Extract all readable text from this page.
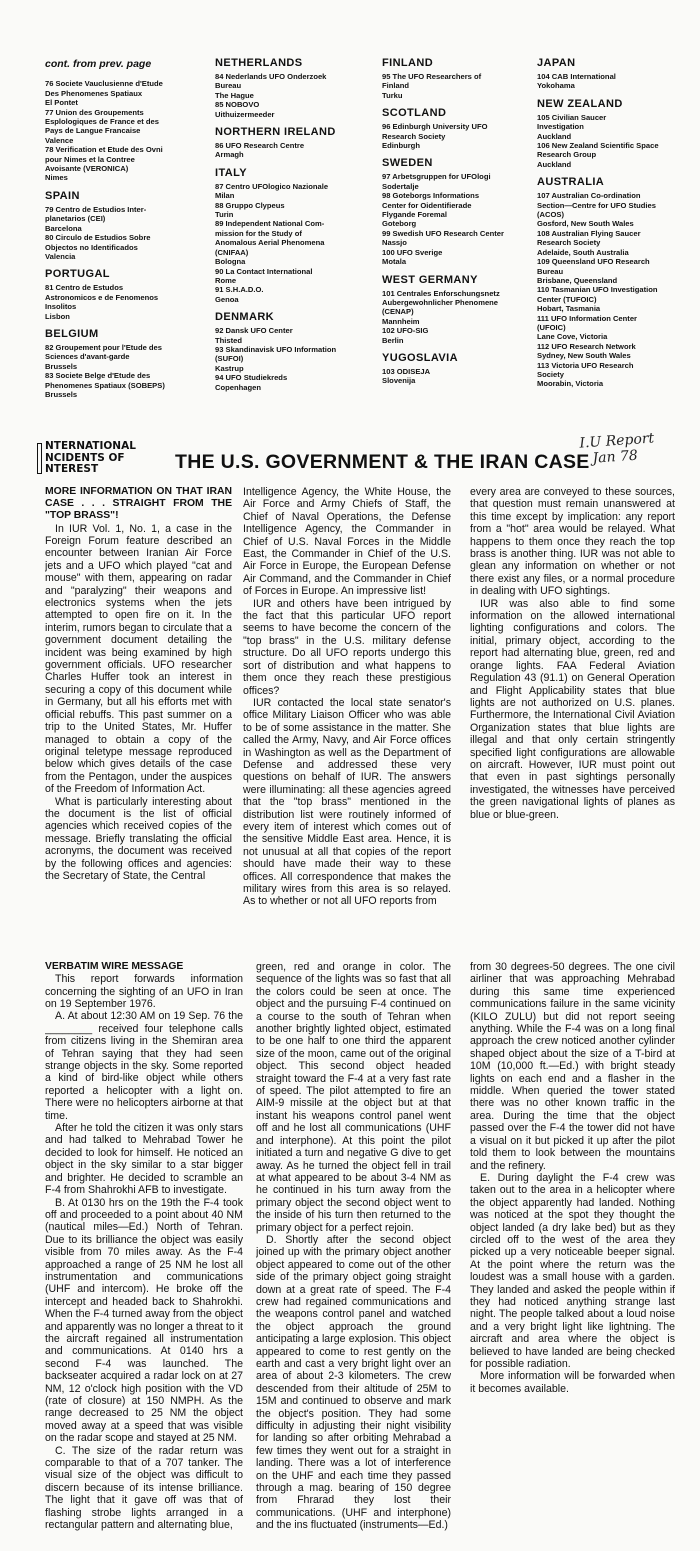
cont. from prev. page
76 Societe Vauclusienne d'Etude
Des Phenomenes Spatiaux
El Pontet
77 Union des Groupements
Esplologiques de France et des
Pays de Langue Francaise
Valence
78 Verification et Etude des Ovni
pour Nimes et la Contree
Avoisante (VERONICA)
Nimes
SPAIN
79 Centro de Estudios Inter-
planetarios (CEI)
Barcelona
80 Circulo de Estudios Sobre
Objectos no Identificados
Valencia
PORTUGAL
81 Centro de Estudos
Astronomicos e de Fenomenos
Insolitos
Lisbon
BELGIUM
82 Groupement pour l'Etude des
Sciences d'avant-garde
Brussels
83 Societe Belge d'Etude des
Phenomenes Spatiaux (SOBEPS)
Brussels
NETHERLANDS
84 Nederlands UFO Onderzoek
Bureau
The Hague
85 NOBOVO
Uithuizermeeder
NORTHERN IRELAND
86 UFO Research Centre
Armagh
ITALY
87 Centro UFOlogico Nazionale
Milan
88 Gruppo Clypeus
Turin
89 Independent National Com-
mission for the Study of
Anomalous Aerial Phenomena
(CNIFAA)
Bologna
90 La Contact International
Rome
91 S.H.A.D.O.
Genoa
DENMARK
92 Dansk UFO Center
Thisted
93 Skandinavisk UFO Information
(SUFOI)
Kastrup
94 UFO Studiekreds
Copenhagen
FINLAND
95 The UFO Researchers of
Finland
Turku
SCOTLAND
96 Edinburgh University UFO
Research Society
Edinburgh
SWEDEN
97 Arbetsgruppen for UFOlogi
Sodertalje
98 Goteborgs Informations
Center for Oidentifierade
Flygande Foremal
Goteborg
99 Swedish UFO Research Center
Nassjo
100 UFO Sverige
Motala
WEST GERMANY
101 Centrales Enforschungsnetz
Aubergewohnlicher Phenomene
(CENAP)
Mannheim
102 UFO-SIG
Berlin
YUGOSLAVIA
103 ODISEJA
Slovenija
JAPAN
104 CAB International
Yokohama
NEW ZEALAND
105 Civilian Saucer
Investigation
Auckland
106 New Zealand Scientific Space
Research Group
Auckland
AUSTRALIA
107 Australian Co-ordination
Section—Centre for UFO Studies
(ACOS)
Gosford, New South Wales
108 Australian Flying Saucer
Research Society
Adelaide, South Australia
109 Queensland UFO Research
Bureau
Brisbane, Queensland
110 Tasmanian UFO Investigation
Center (TUFOIC)
Hobart, Tasmania
111 UFO Information Center
(UFOIC)
Lane Cove, Victoria
112 UFO Research Network
Sydney, New South Wales
113 Victoria UFO Research
Society
Moorabin, Victoria
NTERNATIONAL
NCIDENTS OF
NTEREST	THE U.S. GOVERNMENT & THE IRAN CASE
I.U Report
Jan 78

MORE INFORMATION ON THAT IRAN CASE . . . STRAIGHT FROM THE "TOP BRASS"!

In IUR Vol. 1, No. 1, a case in the Foreign Forum feature described an encounter between Iranian Air Force jets and a UFO which played "cat and mouse" with them, appearing on radar and "paralyzing" their weapons and electronics systems when the jets attempted to open fire on it. In the interim, rumors began to circulate that a government document detailing the incident was being examined by high government officials. UFO researcher Charles Huffer took an interest in securing a copy of this document while in Germany, but all his efforts met with official rebuffs. This past summer on a trip to the United States, Mr. Huffer managed to obtain a copy of the original teletype message reproduced below which gives details of the case from the Pentagon, under the auspices of the Freedom of Information Act.

What is particularly interesting about the document is the list of official agencies which received copies of the message. Briefly translating the official acronyms, the document was received by the following offices and agencies: the Secretary of State, the Central

Intelligence Agency, the White House, the Air Force and Army Chiefs of Staff, the Chief of Naval Operations, the Defense Intelligence Agency, the Commander in Chief of U.S. Naval Forces in the Middle East, the Commander in Chief of the U.S. Air Force in Europe, the European Defense Air Command, and the Commander in Chief of Forces in Europe. An impressive list!

IUR and others have been intrigued by the fact that this particular UFO report seems to have become the concern of the "top brass" in the U.S. military defense structure. Do all UFO reports undergo this sort of distribution and what happens to them once they reach these prestigious offices?

IUR contacted the local state senator's office Military Liaison Officer who was able to be of some assistance in the matter. She called the Army, Navy, and Air Force offices in Washington as well as the Department of Defense and addressed these very questions on behalf of IUR. The answers were illuminating: all these agencies agreed that the "top brass" mentioned in the distribution list were routinely informed of every item of interest which comes out of the sensitive Middle East area. Hence, it is not unusual at all that copies of the report should have made their way to these offices. All correspondence that makes the military wires from this area is so relayed. As to whether or not all UFO reports from

every area are conveyed to these sources, that question must remain unanswered at this time except by implication: any report from a "hot" area would be relayed. What happens to them once they reach the top brass is another thing. IUR was not able to glean any information on whether or not there exist any files, or a normal procedure in dealing with UFO sightings.

IUR was also able to find some information on the allowed international lighting configurations and colors. The initial, primary object, according to the report had alternating blue, green, red and orange lights. FAA Federal Aviation Regulation 43 (91.1) on General Operation and Flight Applicability states that blue lights are not authorized on U.S. planes. Furthermore, the International Civil Aviation Organization states that blue lights are illegal and that only certain stringently specified light configurations are allowable on aircraft. However, IUR must point out that even in past sightings personally investigated, the witnesses have perceived the green navigational lights of planes as blue or blue-green.

VERBATIM WIRE MESSAGE

This report forwards information concerning the sighting of an UFO in Iran on 19 September 1976.

A. At about 12:30 AM on 19 Sep. 76 the ________ received four telephone calls from citizens living in the Shemiran area of Tehran saying that they had seen strange objects in the sky. Some reported a kind of bird-like object while others reported a helicopter with a light on. There were no helicopters airborne at that time.

After he told the citizen it was only stars and had talked to Mehrabad Tower he decided to look for himself. He noticed an object in the sky similar to a star bigger and brighter. He decided to scramble an F-4 from Shahrokhi AFB to investigate.

B. At 0130 hrs on the 19th the F-4 took off and proceeded to a point about 40 NM (nautical miles—Ed.) North of Tehran. Due to its brilliance the object was easily visible from 70 miles away. As the F-4 approached a range of 25 NM he lost all instrumentation and communications (UHF and intercom). He broke off the intercept and headed back to Shahrokhi. When the F-4 turned away from the object and apparently was no longer a threat to it the aircraft regained all instrumentation and communications. At 0140 hrs a second F-4 was launched. The backseater acquired a radar lock on at 27 NM, 12 o'clock high position with the VD (rate of closure) at 150 NMPH. As the range decreased to 25 NM the object moved away at a speed that was visible on the radar scope and stayed at 25 NM.

C. The size of the radar return was comparable to that of a 707 tanker. The visual size of the object was difficult to discern because of its intense brilliance. The light that it gave off was that of flashing strobe lights arranged in a rectangular pattern and alternating blue,

green, red and orange in color. The sequence of the lights was so fast that all the colors could be seen at once. The object and the pursuing F-4 continued on a course to the south of Tehran when another brightly lighted object, estimated to be one half to one third the apparent size of the moon, came out of the original object. This second object headed straight toward the F-4 at a very fast rate of speed. The pilot attempted to fire an AIM-9 missile at the object but at that instant his weapons control panel went off and he lost all communications (UHF and interphone). At this point the pilot initiated a turn and negative G dive to get away. As he turned the object fell in trail at what appeared to be about 3-4 NM as he continued in his turn away from the primary object the second object went to the inside of his turn then returned to the primary object for a perfect rejoin.

D. Shortly after the second object joined up with the primary object another object appeared to come out of the other side of the primary object going straight down at a great rate of speed. The F-4 crew had regained communications and the weapons control panel and watched the object approach the ground anticipating a large explosion. This object appeared to come to rest gently on the earth and cast a very bright light over an area of about 2-3 kilometers. The crew descended from their altitude of 25M to 15M and continued to observe and mark the object's position. They had some difficulty in adjusting their night visibility for landing so after orbiting Mehrabad a few times they went out for a straight in landing. There was a lot of interference on the UHF and each time they passed through a mag. bearing of 150 degree from Fhrarad they lost their communications. (UHF and interphone) and the ins fluctuated (instruments—Ed.)

from 30 degrees-50 degrees. The one civil airliner that was approaching Mehrabad during this same time experienced communications failure in the same vicinity (KILO ZULU) but did not report seeing anything. While the F-4 was on a long final approach the crew noticed another cylinder shaped object about the size of a T-bird at 10M (10,000 ft.—Ed.) with bright steady lights on each end and a flasher in the middle. When queried the tower stated there was no other known traffic in the area. During the time that the object passed over the F-4 the tower did not have a visual on it but picked it up after the pilot told them to look between the mountains and the refinery.

E. During daylight the F-4 crew was taken out to the area in a helicopter where the object apparently had landed. Nothing was noticed at the spot they thought the object landed (a dry lake bed) but as they circled off to the west of the area they picked up a very noticeable beeper signal. At the point where the return was the loudest was a small house with a garden. They landed and asked the people within if they had noticed anything strange last night. The people talked about a loud noise and a very bright light like lightning. The aircraft and area where the object is believed to have landed are being checked for possible radiation.

More information will be forwarded when it becomes available.
